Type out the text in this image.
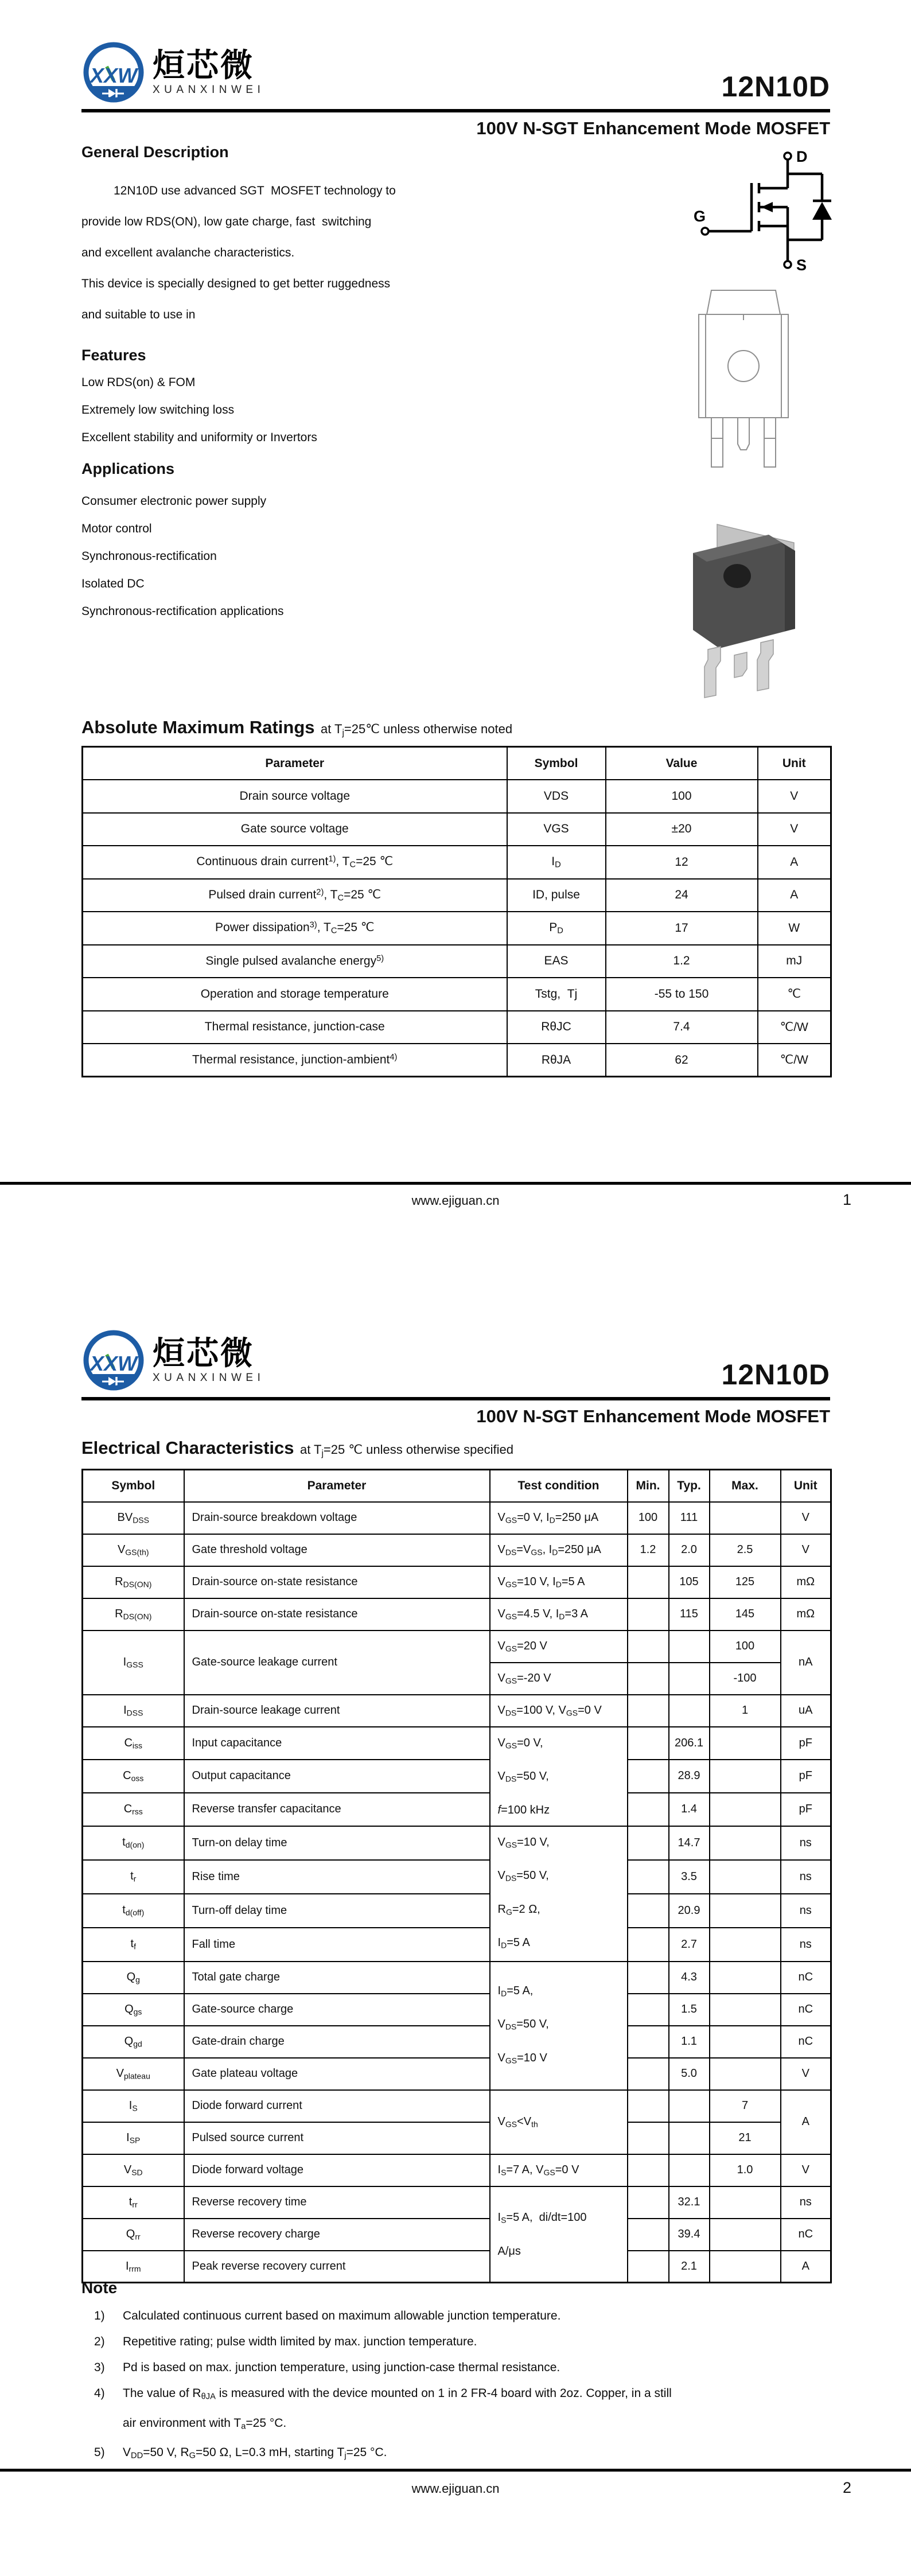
XXW 烜芯微
XUANXINWEI	12N10D
100V N-SGT Enhancement Mode MOSFET
General Description
12N10D use advanced SGT  MOSFET technology to
provide low RDS(ON), low gate charge, fast  switching
and excellent avalanche characteristics.
This device is specially designed to get better ruggedness
and suitable to use in
Features
Low RDS(on) & FOM
Extremely low switching loss
Excellent stability and uniformity or Invertors
Applications
Consumer electronic power supply
Motor control
Synchronous-rectification
Isolated DC
Synchronous-rectification applications
D
G
S
Absolute Maximum Ratings at $T_j=25℃$ unless otherwise noted
Parameter	Symbol	Value	Unit
Drain source voltage	VDS	100	V
Gate source voltage	VGS	±20	V
Continuous drain current$^{1)}$, $T_C=25$ ℃	$I_D$	12	A
Pulsed drain current$^{2)}$, $T_C=25$ ℃	ID, pulse	24	A
Power dissipation$^{3)}$, $T_C=25$ ℃	$P_D$	17	W
Single pulsed avalanche energy$^{5)}$	EAS	1.2	mJ
Operation and storage temperature	Tstg,  Tj	-55 to 150	℃
Thermal resistance, junction-case	RθJC	7.4	℃/W
Thermal resistance, junction-ambient$^{4)}$	RθJA	62	℃/W
www.ejiguan.cn	1
XXW 烜芯微
XUANXINWEI	12N10D
100V N-SGT Enhancement Mode MOSFET
Electrical Characteristics at $T_j=25$ ℃ unless otherwise specified
Symbol	Parameter	Test condition	Min.	Typ.	Max.	Unit
$BV_{DSS}$	Drain-source breakdown voltage	$V_{GS}=0$ V, $I_D=250$ μA	100	111		V
$V_{GS(th)}$	Gate threshold voltage	$V_{DS}=V_{GS}$, $I_D=250$ μA	1.2	2.0	2.5	V
$R_{DS(ON)}$	Drain-source on-state resistance	$V_{GS}=10$ V, $I_D=5$ A		105	125	mΩ
$R_{DS(ON)}$	Drain-source on-state resistance	$V_{GS}=4.5$ V, $I_D=3$ A		115	145	mΩ
$I_{GSS}$	Gate-source leakage current	$V_{GS}=20$ V			100	nA
		$V_{GS}=-20$ V			-100	
$I_{DSS}$	Drain-source leakage current	$V_{DS}=100$ V, $V_{GS}=0$ V			1	uA
$C_{iss}$	Input capacitance	$V_{GS}=0$ V,
$V_{DS}=50$ V,
f=100 kHz		206.1		pF
$C_{oss}$	Output capacitance			28.9		pF
$C_{rss}$	Reverse transfer capacitance			1.4		pF
$t_{d(on)}$	Turn-on delay time	$V_{GS}=10$ V,
$V_{DS}=50$ V,
$R_G=2$ Ω,
$I_D=5$ A		14.7		ns
$t_r$	Rise time			3.5		ns
$t_{d(off)}$	Turn-off delay time			20.9		ns
$t_f$	Fall time			2.7		ns
$Q_g$	Total gate charge	$I_D=5$ A,
$V_{DS}=50$ V,
$V_{GS}=10$ V		4.3		nC
$Q_{gs}$	Gate-source charge			1.5		nC
$Q_{gd}$	Gate-drain charge			1.1		nC
$V_{plateau}$	Gate plateau voltage			5.0		V
$I_S$	Diode forward current	$V_{GS}<V_{th}$			7	A
$I_{SP}$	Pulsed source current				21	
$V_{SD}$	Diode forward voltage	$I_S=7$ A, $V_{GS}=0$ V			1.0	V
$t_{rr}$	Reverse recovery time	$I_S=5$ A,  di/dt=100
A/μs		32.1		ns
$Q_{rr}$	Reverse recovery charge			39.4		nC
$I_{rrm}$	Peak reverse recovery current			2.1		A
Note
1)	Calculated continuous current based on maximum allowable junction temperature.
2)	Repetitive rating; pulse width limited by max. junction temperature.
3)	Pd is based on max. junction temperature, using junction-case thermal resistance.
4)	The value of $R_{\theta JA}$ is measured with the device mounted on 1 in 2 FR-4 board with 2oz. Copper, in a still
air environment with $T_a=25$ °C.
5)	$V_{DD}=50$ V, $R_G=50$ Ω, L=0.3 mH, starting $T_j=25$ °C.
www.ejiguan.cn	2
